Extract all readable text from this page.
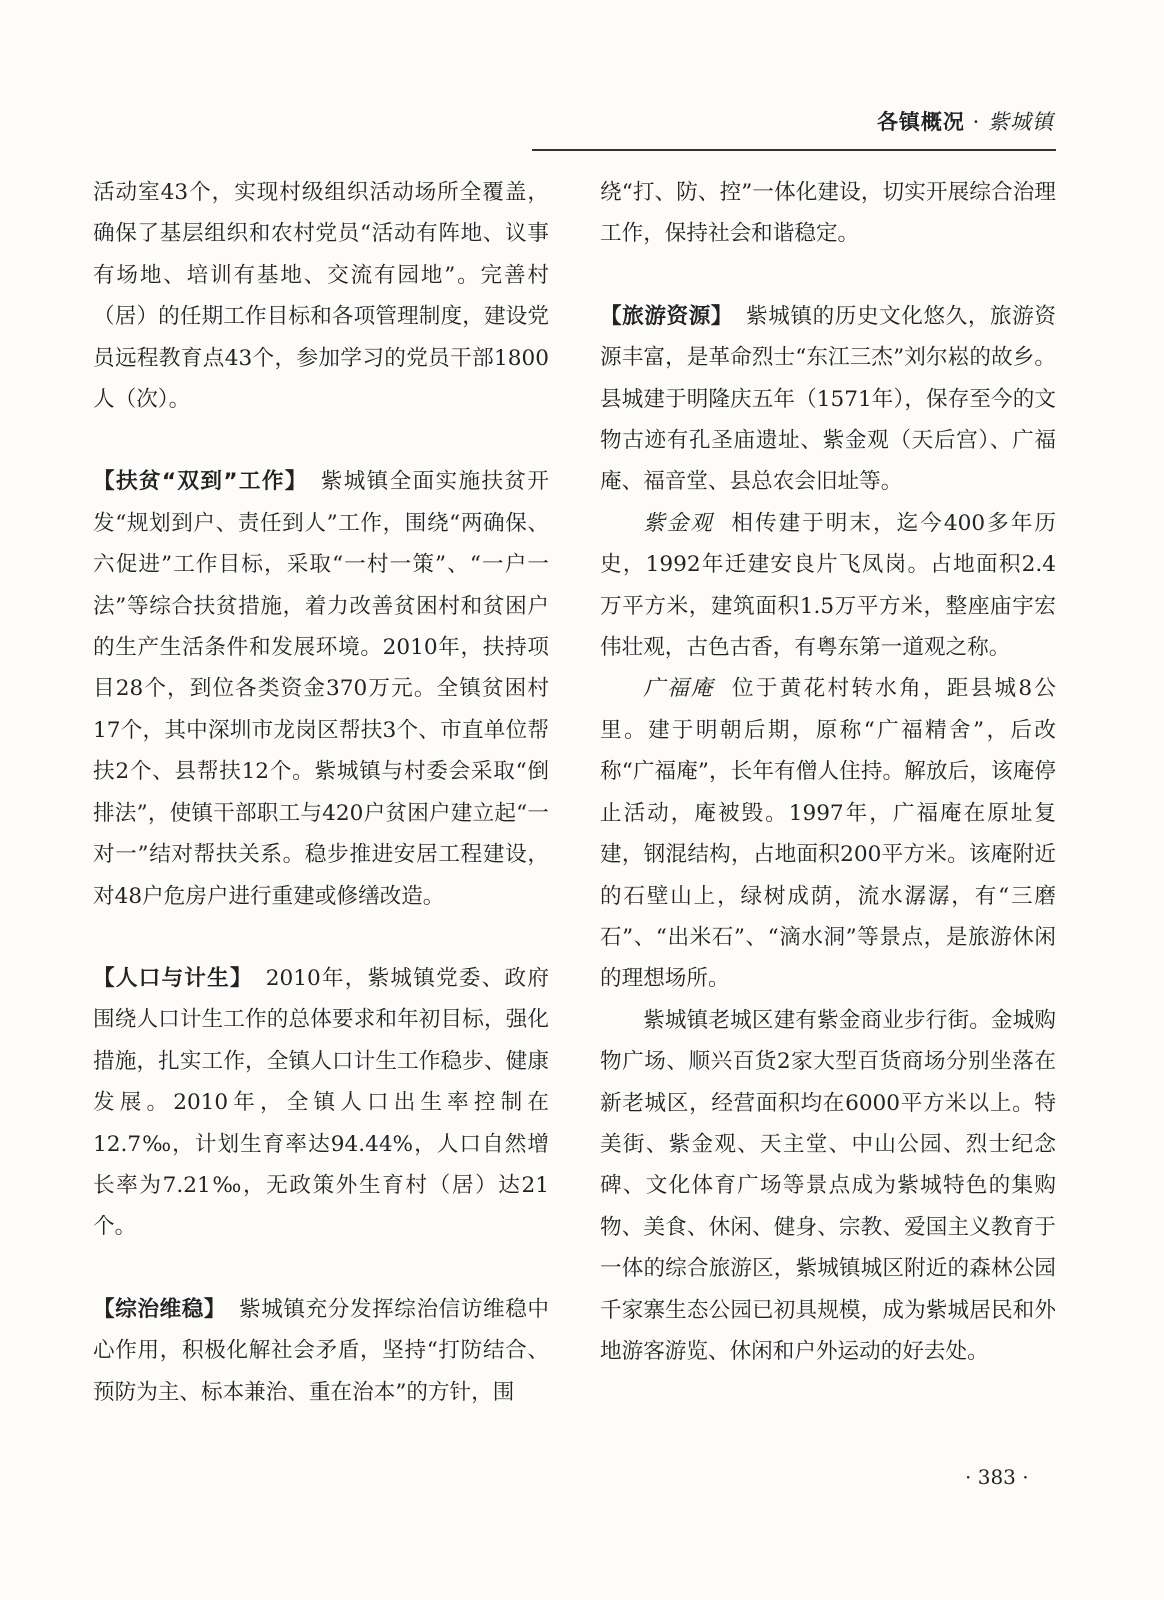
各镇概况 · 紫城镇

活动室43个，实现村级组织活动场所全覆盖，确保了基层组织和农村党员“活动有阵地、议事有场地、培训有基地、交流有园地”。完善村（居）的任期工作目标和各项管理制度，建设党员远程教育点43个，参加学习的党员干部1800人（次）。

【扶贫“双到”工作】 紫城镇全面实施扶贫开发“规划到户、责任到人”工作，围绕“两确保、六促进”工作目标，采取“一村一策”、“一户一法”等综合扶贫措施，着力改善贫困村和贫困户的生产生活条件和发展环境。2010年，扶持项目28个，到位各类资金370万元。全镇贫困村17个，其中深圳市龙岗区帮扶3个、市直单位帮扶2个、县帮扶12个。紫城镇与村委会采取“倒排法”，使镇干部职工与420户贫困户建立起“一对一”结对帮扶关系。稳步推进安居工程建设，对48户危房户进行重建或修缮改造。

【人口与计生】 2010年，紫城镇党委、政府围绕人口计生工作的总体要求和年初目标，强化措施，扎实工作，全镇人口计生工作稳步、健康发展。2010年，全镇人口出生率控制在12.7‰，计划生育率达94.44%，人口自然增长率为7.21‰，无政策外生育村（居）达21个。

【综治维稳】 紫城镇充分发挥综治信访维稳中心作用，积极化解社会矛盾，坚持“打防结合、预防为主、标本兼治、重在治本”的方针，围

绕“打、防、控”一体化建设，切实开展综合治理工作，保持社会和谐稳定。

【旅游资源】 紫城镇的历史文化悠久，旅游资源丰富，是革命烈士“东江三杰”刘尔崧的故乡。县城建于明隆庆五年（1571年），保存至今的文物古迹有孔圣庙遗址、紫金观（天后宫）、广福庵、福音堂、县总农会旧址等。

紫金观 相传建于明末，迄今400多年历史，1992年迁建安良片飞凤岗。占地面积2.4万平方米，建筑面积1.5万平方米，整座庙宇宏伟壮观，古色古香，有粤东第一道观之称。

广福庵 位于黄花村转水角，距县城8公里。建于明朝后期，原称“广福精舍”，后改称“广福庵”，长年有僧人住持。解放后，该庵停止活动，庵被毁。1997年，广福庵在原址复建，钢混结构，占地面积200平方米。该庵附近的石壁山上，绿树成荫，流水潺潺，有“三磨石”、“出米石”、“滴水洞”等景点，是旅游休闲的理想场所。

紫城镇老城区建有紫金商业步行街。金城购物广场、顺兴百货2家大型百货商场分别坐落在新老城区，经营面积均在6000平方米以上。特美街、紫金观、天主堂、中山公园、烈士纪念碑、文化体育广场等景点成为紫城特色的集购物、美食、休闲、健身、宗教、爱国主义教育于一体的综合旅游区，紫城镇城区附近的森林公园千家寨生态公园已初具规模，成为紫城居民和外地游客游览、休闲和户外运动的好去处。

· 383 ·
